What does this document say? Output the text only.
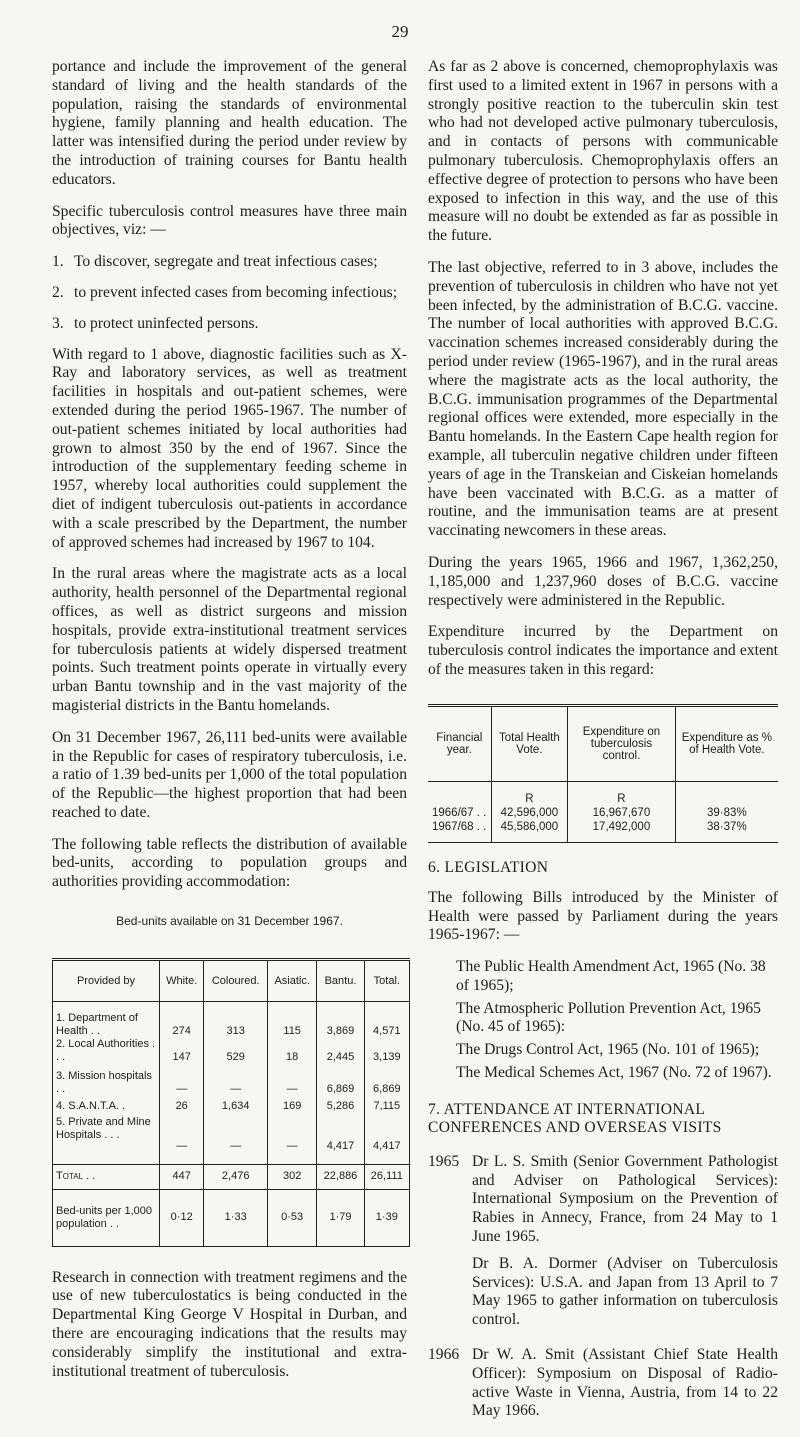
29

portance and include the improvement of the general standard of living and the health standards of the population, raising the standards of environmental hygiene, family planning and health education. The latter was intensified during the period under review by the introduction of training courses for Bantu health educators.

Specific tuberculosis control measures have three main objectives, viz: —

1. To discover, segregate and treat infectious cases;
2. to prevent infected cases from becoming infectious;
3. to protect uninfected persons.

With regard to 1 above, diagnostic facilities such as X-Ray and laboratory services, as well as treatment facilities in hospitals and out-patient schemes, were extended during the period 1965-1967. The number of out-patient schemes initiated by local authorities had grown to almost 350 by the end of 1967. Since the introduction of the supplementary feeding scheme in 1957, whereby local authorities could supplement the diet of indigent tuberculosis out-patients in accordance with a scale prescribed by the Department, the number of approved schemes had increased by 1967 to 104.

In the rural areas where the magistrate acts as a local authority, health personnel of the Departmental regional offices, as well as district surgeons and mission hospitals, provide extra-institutional treatment services for tuberculosis patients at widely dispersed treatment points. Such treatment points operate in virtually every urban Bantu township and in the vast majority of the magisterial districts in the Bantu homelands.

On 31 December 1967, 26,111 bed-units were available in the Republic for cases of respiratory tuberculosis, i.e. a ratio of 1.39 bed-units per 1,000 of the total population of the Republic—the highest proportion that had been reached to date.

The following table reflects the distribution of available bed-units, according to population groups and authorities providing accommodation:

Bed-units available on 31 December 1967.
Provided by	White.	Coloured.	Asiatic.	Bantu.	Total.
1. Department of Health . .	274	313	115	3,869	4,571
2. Local Authorities . . .	147	529	18	2,445	3,139
3. Mission hospitals . .	—	—	—	6,869	6,869
4. S.A.N.T.A. .	26	1,634	169	5,286	7,115
5. Private and Mine Hospitals . . .	—	—	—	4,417	4,417
Total . .	447	2,476	302	22,886	26,111
Bed-units per 1,000 population . .	0·12	1·33	0·53	1·79	1·39

Research in connection with treatment regimens and the use of new tuberculostatics is being conducted in the Departmental King George V Hospital in Durban, and there are encouraging indications that the results may considerably simplify the institutional and extra-institutional treatment of tuberculosis.

As far as 2 above is concerned, chemoprophylaxis was first used to a limited extent in 1967 in persons with a strongly positive reaction to the tuberculin skin test who had not developed active pulmonary tuberculosis, and in contacts of persons with communicable pulmonary tuberculosis. Chemoprophylaxis offers an effective degree of protection to persons who have been exposed to infection in this way, and the use of this measure will no doubt be extended as far as possible in the future.

The last objective, referred to in 3 above, includes the prevention of tuberculosis in children who have not yet been infected, by the administration of B.C.G. vaccine. The number of local authorities with approved B.C.G. vaccination schemes increased considerably during the period under review (1965-1967), and in the rural areas where the magistrate acts as the local authority, the B.C.G. immunisation programmes of the Departmental regional offices were extended, more especially in the Bantu homelands. In the Eastern Cape health region for example, all tuberculin negative children under fifteen years of age in the Transkeian and Ciskeian homelands have been vaccinated with B.C.G. as a matter of routine, and the immunisation teams are at present vaccinating newcomers in these areas.

During the years 1965, 1966 and 1967, 1,362,250, 1,185,000 and 1,237,960 doses of B.C.G. vaccine respectively were administered in the Republic.

Expenditure incurred by the Department on tuberculosis control indicates the importance and extent of the measures taken in this regard:

Financial year.	Total Health Vote.	Expenditure on tuberculosis control.	Expenditure as % of Health Vote.
	R	R	
1966/67 . .	42,596,000	16,967,670	39·83%
1967/68 . .	45,586,000	17,492,000	38·37%
6. LEGISLATION

The following Bills introduced by the Minister of Health were passed by Parliament during the years 1965-1967: —

The Public Health Amendment Act, 1965 (No. 38 of 1965);

The Atmospheric Pollution Prevention Act, 1965 (No. 45 of 1965):

The Drugs Control Act, 1965 (No. 101 of 1965);

The Medical Schemes Act, 1967 (No. 72 of 1967).

7. ATTENDANCE AT INTERNATIONAL CONFERENCES AND OVERSEAS VISITS
1965 Dr L. S. Smith (Senior Government Pathologist and Adviser on Pathological Services): International Symposium on the Prevention of Rabies in Annecy, France, from 24 May to 1 June 1965.

Dr B. A. Dormer (Adviser on Tuberculosis Services): U.S.A. and Japan from 13 April to 7 May 1965 to gather information on tuberculosis control.

1966 Dr W. A. Smit (Assistant Chief State Health Officer): Symposium on Disposal of Radio-active Waste in Vienna, Austria, from 14 to 22 May 1966.
